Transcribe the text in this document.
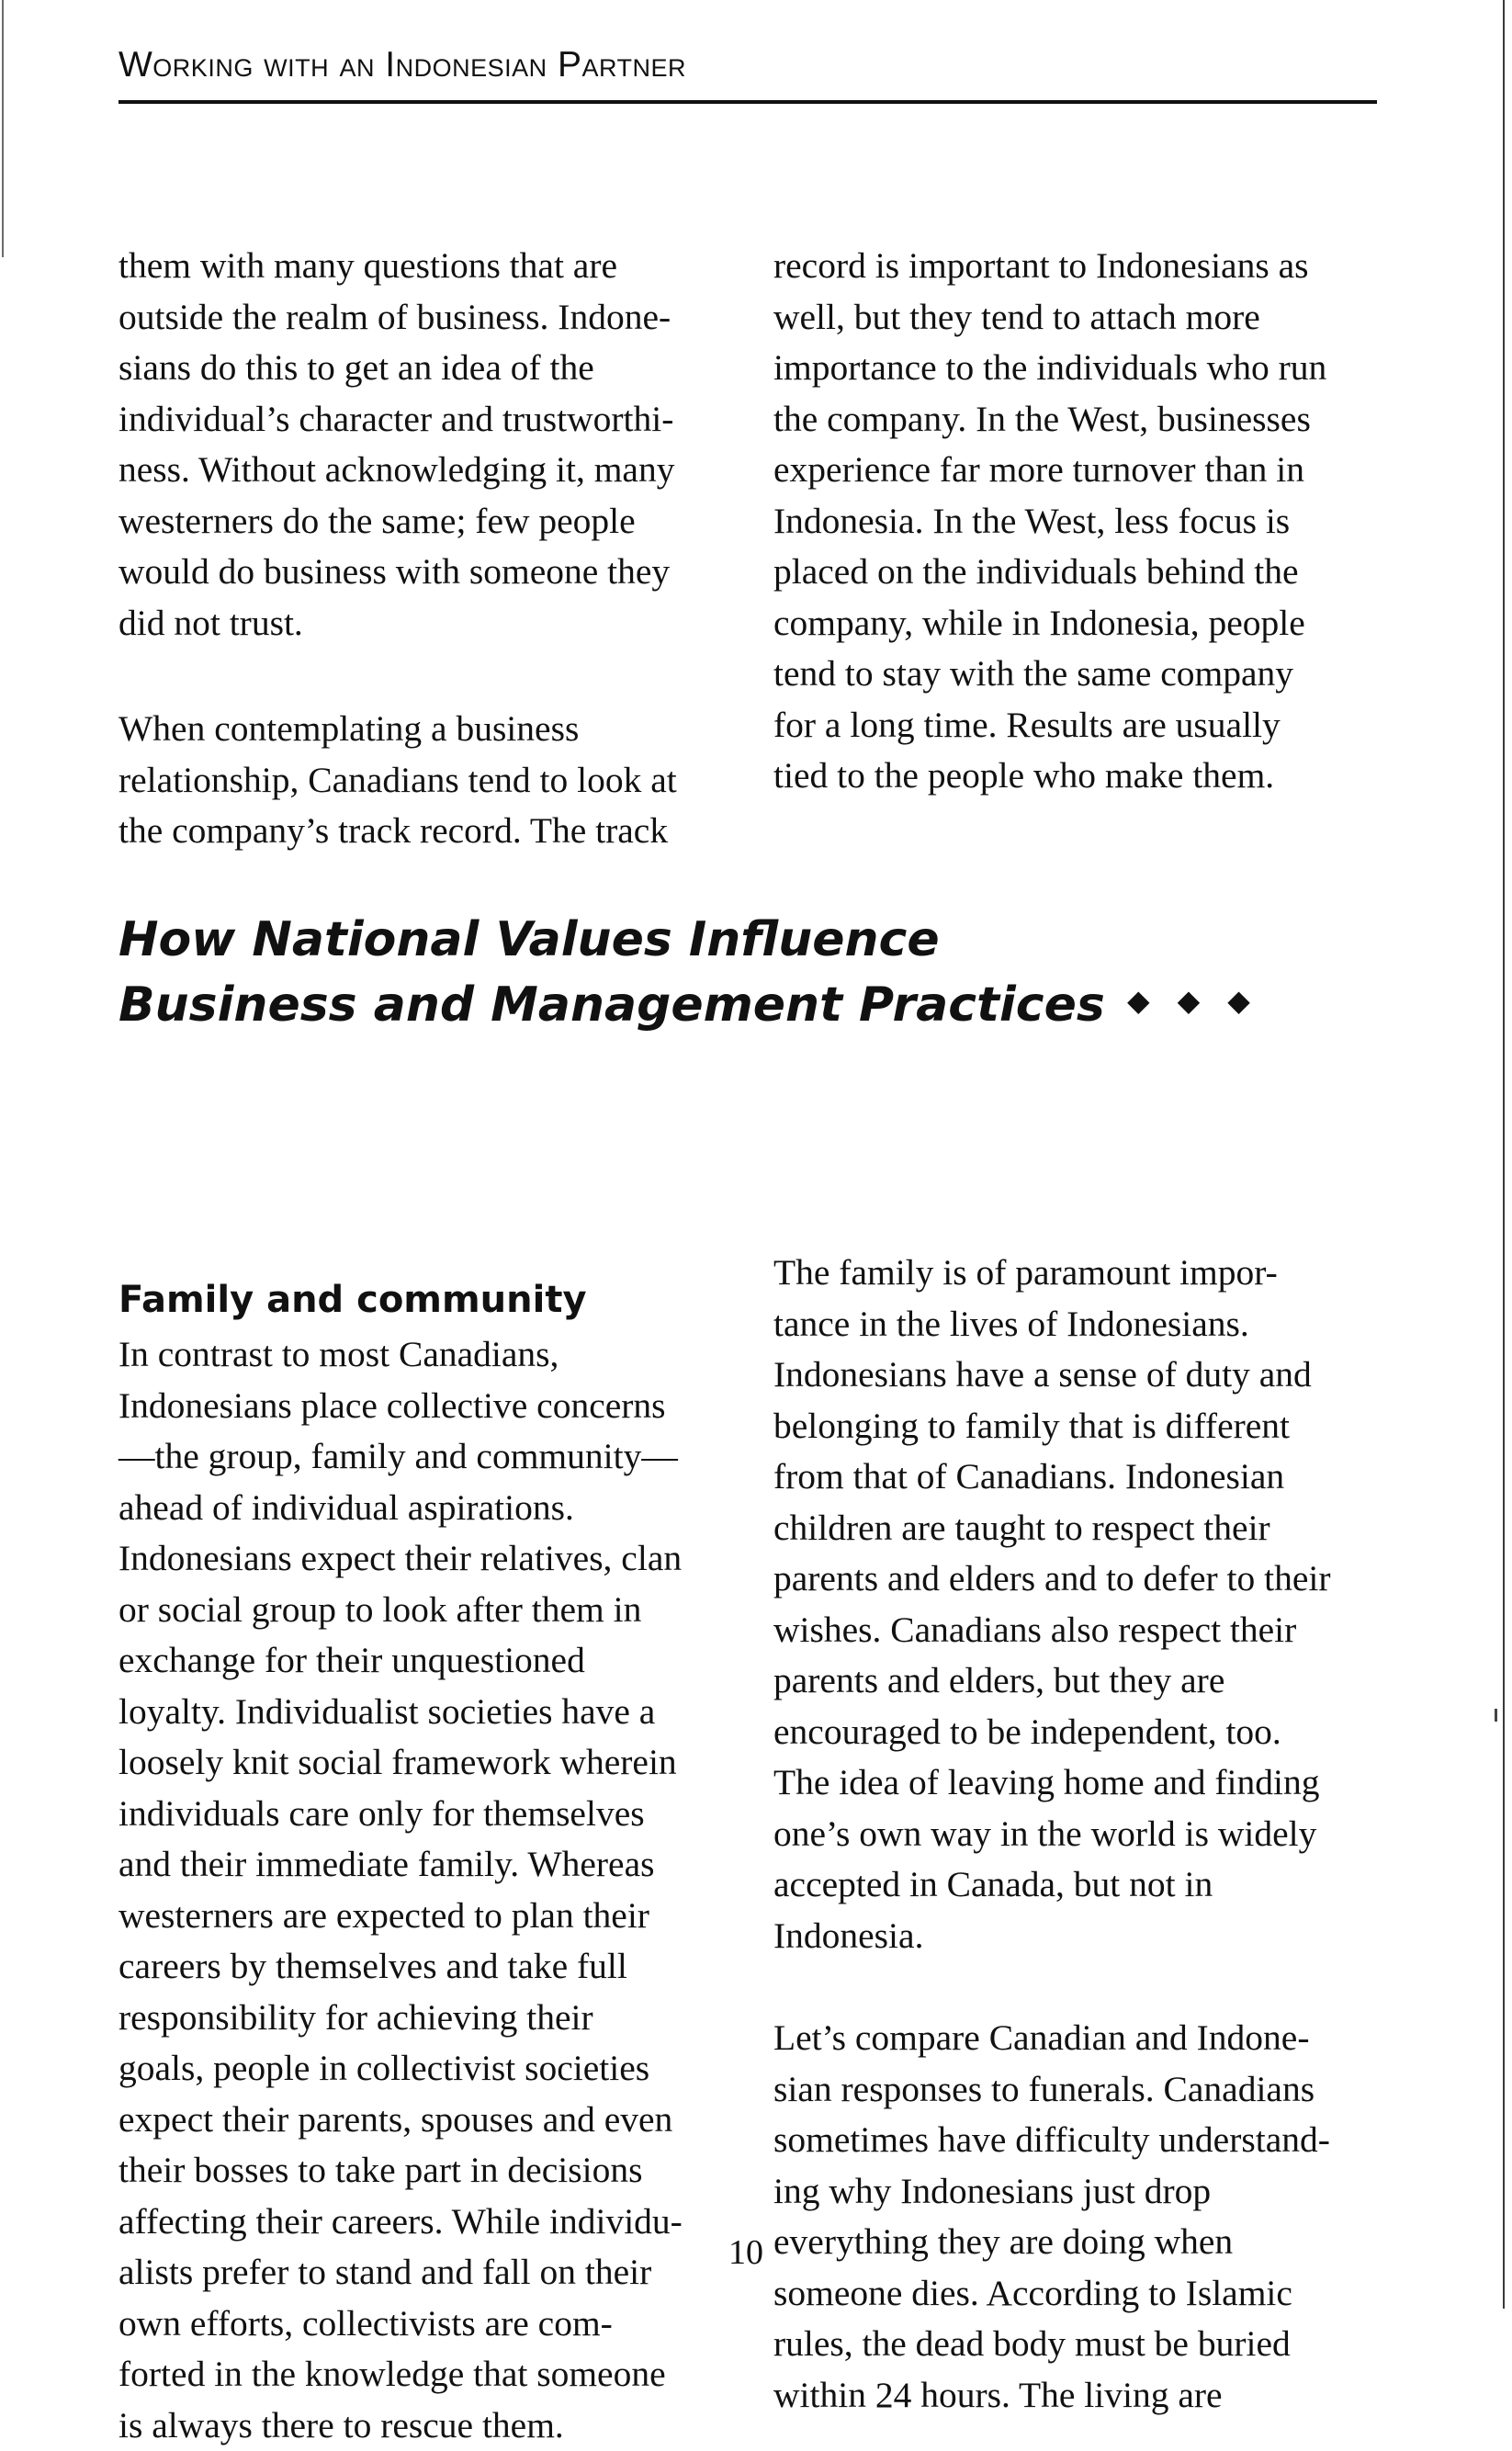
Working with an Indonesian Partner

them with many questions that are
outside the realm of business. Indone-
sians do this to get an idea of the
individual’s character and trustworthi-
ness. Without acknowledging it, many
westerners do the same; few people
would do business with someone they
did not trust.

When contemplating a business
relationship, Canadians tend to look at
the company’s track record. The track

record is important to Indonesians as
well, but they tend to attach more
importance to the individuals who run
the company. In the West, businesses
experience far more turnover than in
Indonesia. In the West, less focus is
placed on the individuals behind the
company, while in Indonesia, people
tend to stay with the same company
for a long time. Results are usually
tied to the people who make them.

How National Values Influence
Business and Management Practices ◆◆◆
Family and community

In contrast to most Canadians,
Indonesians place collective concerns
—the group, family and community—
ahead of individual aspirations.
Indonesians expect their relatives, clan
or social group to look after them in
exchange for their unquestioned
loyalty. Individualist societies have a
loosely knit social framework wherein
individuals care only for themselves
and their immediate family. Whereas
westerners are expected to plan their
careers by themselves and take full
responsibility for achieving their
goals, people in collectivist societies
expect their parents, spouses and even
their bosses to take part in decisions
affecting their careers. While individu-
alists prefer to stand and fall on their
own efforts, collectivists are com-
forted in the knowledge that someone
is always there to rescue them.

The family is of paramount impor-
tance in the lives of Indonesians.
Indonesians have a sense of duty and
belonging to family that is different
from that of Canadians. Indonesian
children are taught to respect their
parents and elders and to defer to their
wishes. Canadians also respect their
parents and elders, but they are
encouraged to be independent, too.
The idea of leaving home and finding
one’s own way in the world is widely
accepted in Canada, but not in
Indonesia.

Let’s compare Canadian and Indone-
sian responses to funerals. Canadians
sometimes have difficulty understand-
ing why Indonesians just drop
everything they are doing when
someone dies. According to Islamic
rules, the dead body must be buried
within 24 hours. The living are

10
